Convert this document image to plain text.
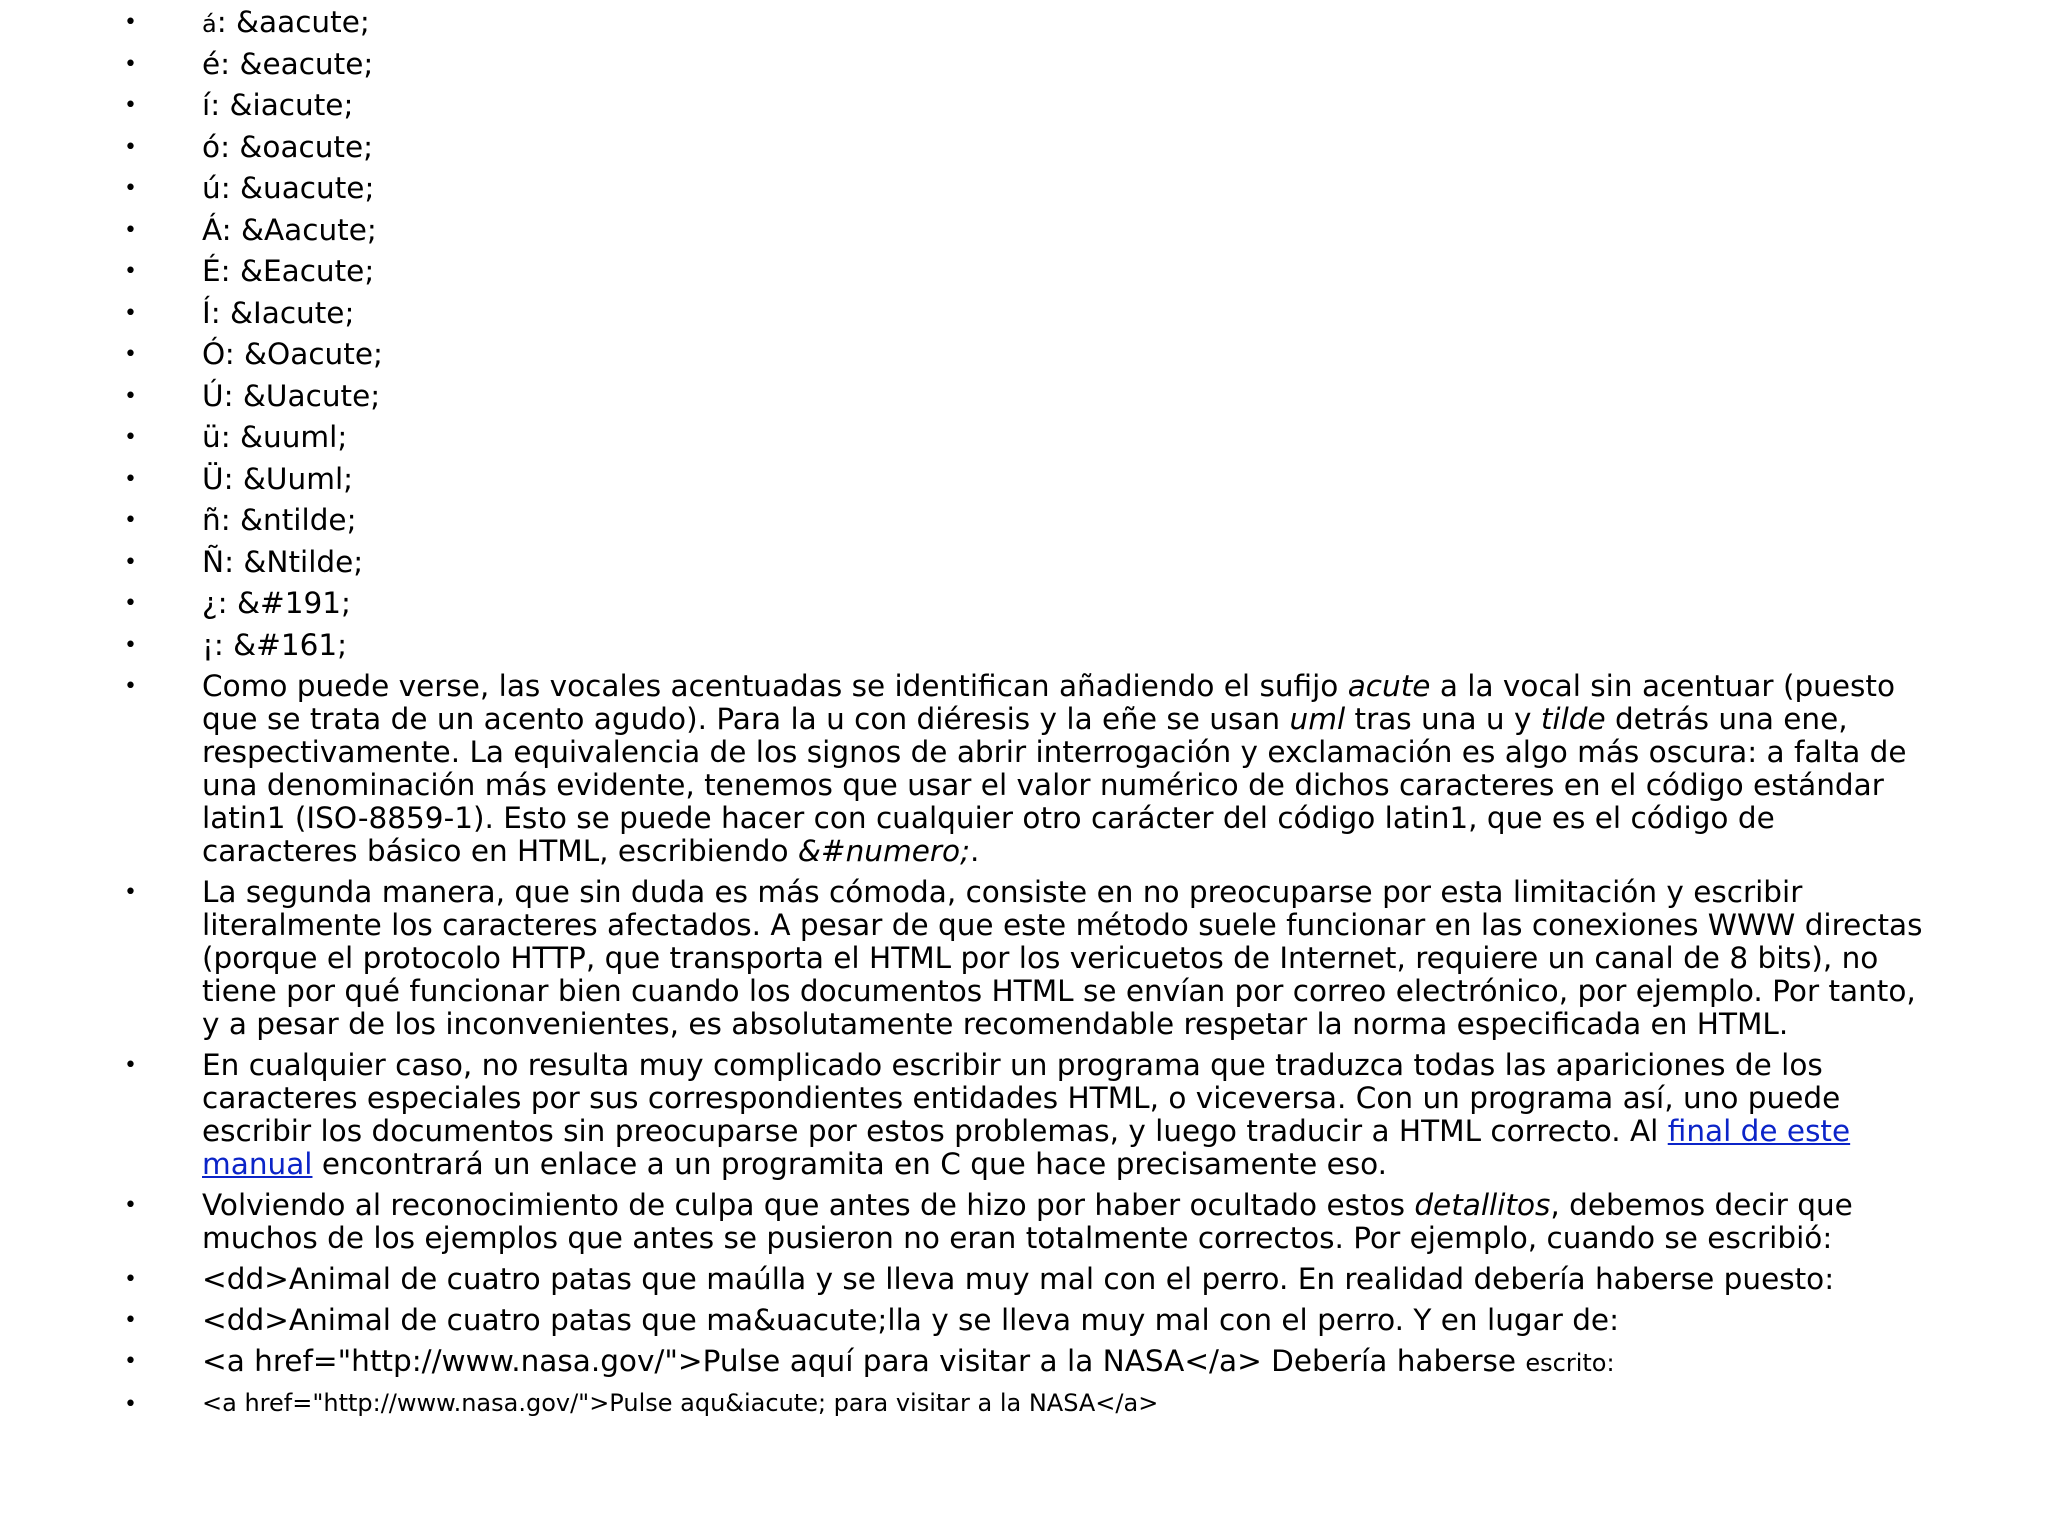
•	á: &aacute;
• é: &eacute;
• í: &iacute;
• ó: &oacute;
• ú: &uacute;
• Á: &Aacute;
• É: &Eacute;
• Í: &Iacute;
• Ó: &Oacute;
• Ú: &Uacute;
• ü: &uuml;
• Ü: &Uuml;
• ñ: &ntilde;
• Ñ: &Ntilde;
• ¿: &#191;
• ¡: &#161;
• Como puede verse, las vocales acentuadas se identifican añadiendo el sufijo acute a la vocal sin acentuar (puesto que se trata de un acento agudo). Para la u con diéresis y la eñe se usan uml tras una u y tilde detrás una ene, respectivamente. La equivalencia de los signos de abrir interrogación y exclamación es algo más oscura: a falta de una denominación más evidente, tenemos que usar el valor numérico de dichos caracteres en el código estándar latin1 (ISO-8859-1). Esto se puede hacer con cualquier otro carácter del código latin1, que es el código de caracteres básico en HTML, escribiendo &#numero;.
• La segunda manera, que sin duda es más cómoda, consiste en no preocuparse por esta limitación y escribir literalmente los caracteres afectados. A pesar de que este método suele funcionar en las conexiones WWW directas (porque el protocolo HTTP, que transporta el HTML por los vericuetos de Internet, requiere un canal de 8 bits), no tiene por qué funcionar bien cuando los documentos HTML se envían por correo electrónico, por ejemplo. Por tanto, y a pesar de los inconvenientes, es absolutamente recomendable respetar la norma especificada en HTML.
• En cualquier caso, no resulta muy complicado escribir un programa que traduzca todas las apariciones de los caracteres especiales por sus correspondientes entidades HTML, o viceversa. Con un programa así, uno puede escribir los documentos sin preocuparse por estos problemas, y luego traducir a HTML correcto. Al final de este manual encontrará un enlace a un programita en C que hace precisamente eso.
• Volviendo al reconocimiento de culpa que antes de hizo por haber ocultado estos detallitos, debemos decir que muchos de los ejemplos que antes se pusieron no eran totalmente correctos. Por ejemplo, cuando se escribió:
• <dd>Animal de cuatro patas que maúlla y se lleva muy mal con el perro. En realidad debería haberse puesto:
• <dd>Animal de cuatro patas que ma&uacute;lla y se lleva muy mal con el perro. Y en lugar de:
• <a href="http://www.nasa.gov/">Pulse aquí para visitar a la NASA</a> Debería haberse escrito:
•	<a href="http://www.nasa.gov/">Pulse aqu&iacute; para visitar a la NASA</a>
